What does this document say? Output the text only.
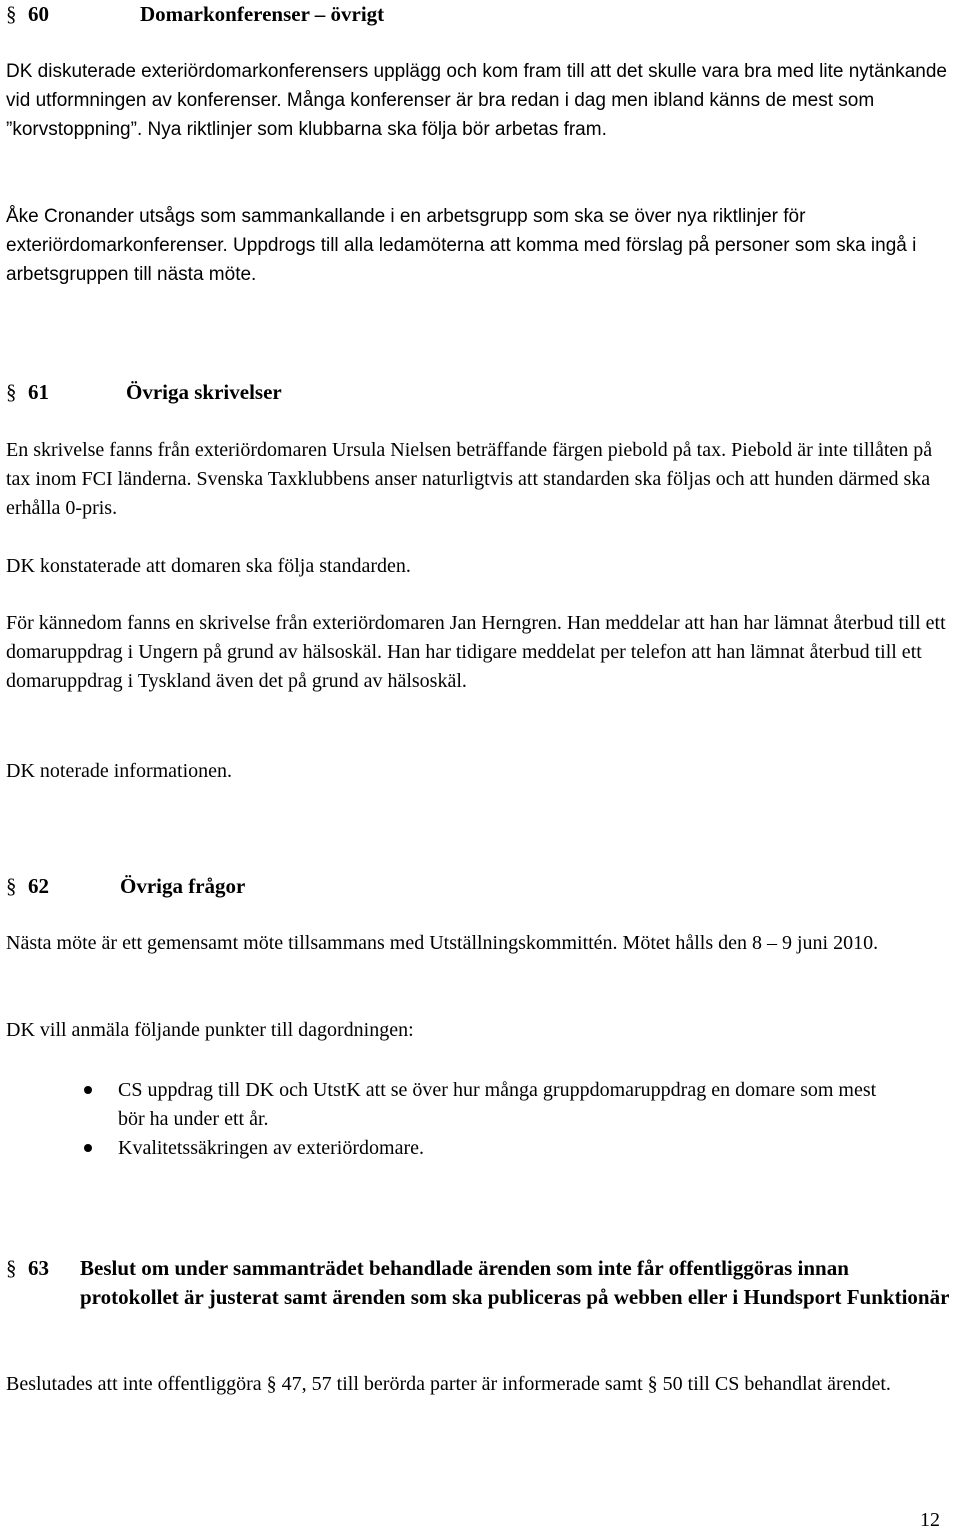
§ 60	Domarkonferenser – övrigt

DK diskuterade exteriördomarkonferensers upplägg och kom fram till att det skulle vara bra med lite nytänkande vid utformningen av konferenser. Många konferenser är bra redan i dag men ibland känns de mest som ”korvstoppning”. Nya riktlinjer som klubbarna ska följa bör arbetas fram.

Åke Cronander utsågs som sammankallande i en arbetsgrupp som ska se över nya riktlinjer för exteriördomarkonferenser. Uppdrogs till alla ledamöterna att komma med förslag på personer som ska ingå i arbetsgruppen till nästa möte.

§ 61	Övriga skrivelser

En skrivelse fanns från exteriördomaren Ursula Nielsen beträffande färgen piebold på tax. Piebold är inte tillåten på tax inom FCI länderna. Svenska Taxklubbens anser naturligtvis att standarden ska följas och att hunden därmed ska erhålla 0-pris.

DK konstaterade att domaren ska följa standarden.

För kännedom fanns en skrivelse från exteriördomaren Jan Herngren. Han meddelar att han har lämnat återbud till ett domaruppdrag i Ungern på grund av hälsoskäl. Han har tidigare meddelat per telefon att han lämnat återbud till ett domaruppdrag i Tyskland även det på grund av hälsoskäl.

DK noterade informationen.

§ 62	Övriga frågor

Nästa möte är ett gemensamt möte tillsammans med Utställningskommittén. Mötet hålls den 8 – 9 juni 2010.

DK vill anmäla följande punkter till dagordningen:

CS uppdrag till DK och UtstK att se över hur många gruppdomaruppdrag en domare som mest bör ha under ett år.
Kvalitetssäkringen av exteriördomare.
§ 63	Beslut om under sammanträdet behandlade ärenden som inte får offentliggöras innan protokollet är justerat samt ärenden som ska publiceras på webben eller i Hundsport Funktionär

Beslutades att inte offentliggöra § 47, 57 till berörda parter är informerade samt § 50 till CS behandlat ärendet.

12
